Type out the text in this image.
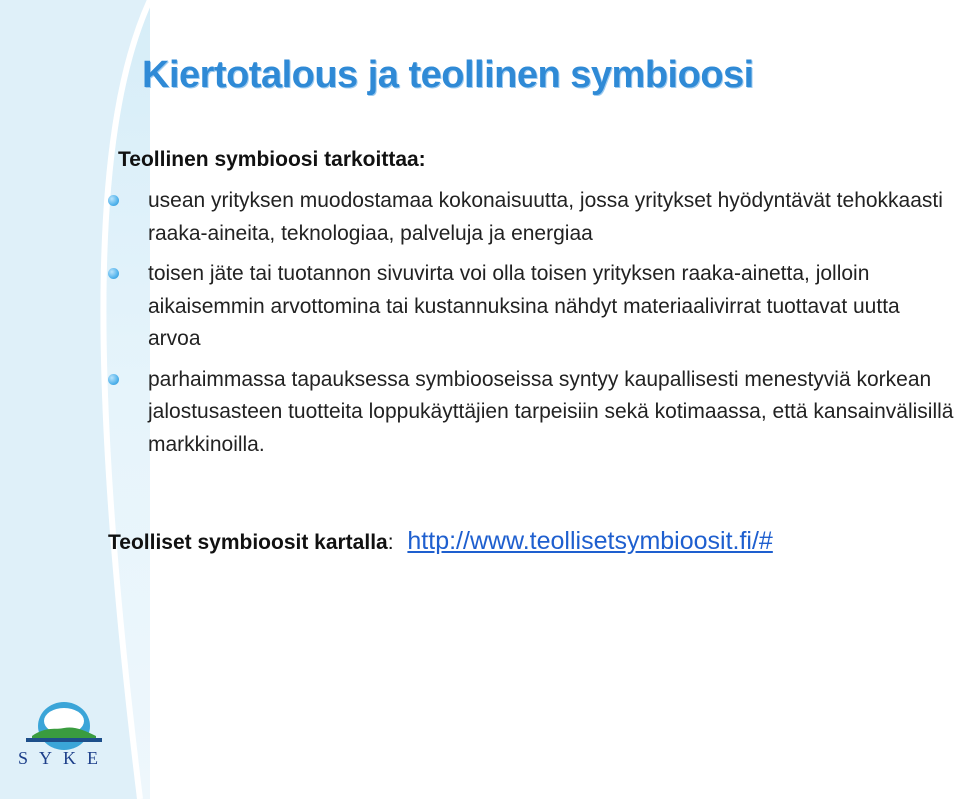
Kiertotalous ja teollinen symbioosi
Teollinen symbioosi tarkoittaa:
usean yrityksen muodostamaa kokonaisuutta, jossa yritykset hyödyntävät tehokkaasti raaka-aineita, teknologiaa, palveluja ja energiaa
toisen jäte tai tuotannon sivuvirta voi olla toisen yrityksen raaka-ainetta, jolloin aikaisemmin arvottomina tai kustannuksina nähdyt materiaalivirrat tuottavat uutta arvoa
parhaimmassa tapauksessa symbiooseissa syntyy kaupallisesti menestyviä korkean jalostusasteen tuotteita loppukäyttäjien tarpeisiin sekä kotimaassa, että kansainvälisillä markkinoilla.
Teolliset symbioosit kartalla: http://www.teollisetsymbioosit.fi/#
SYKE
